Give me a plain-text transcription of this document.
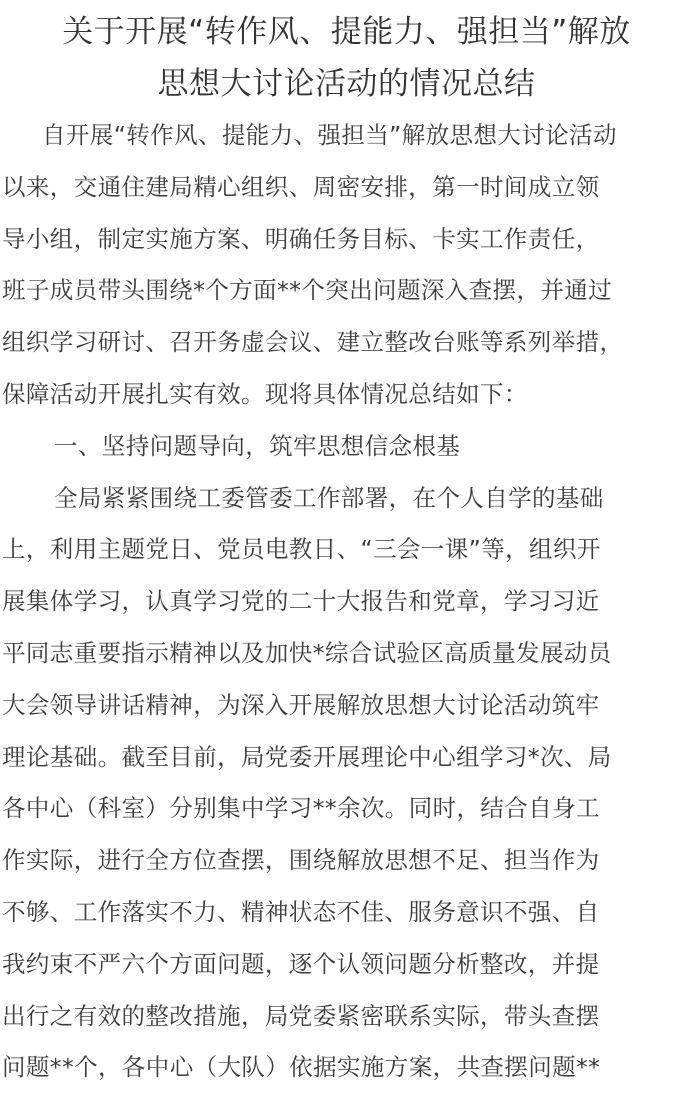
关于开展“转作风、提能力、强担当”解放
思想大讨论活动的情况总结
自开展“转作风、提能力、强担当”解放思想大讨论活动
以来，交通住建局精心组织、周密安排，第一时间成立领
导小组，制定实施方案、明确任务目标、卡实工作责任，
班子成员带头围绕*个方面**个突出问题深入查摆，并通过
组织学习研讨、召开务虚会议、建立整改台账等系列举措，
保障活动开展扎实有效。现将具体情况总结如下：
一、坚持问题导向，筑牢思想信念根基
全局紧紧围绕工委管委工作部署，在个人自学的基础
上，利用主题党日、党员电教日、“三会一课”等，组织开
展集体学习，认真学习党的二十大报告和党章，学习习近
平同志重要指示精神以及加快*综合试验区高质量发展动员
大会领导讲话精神，为深入开展解放思想大讨论活动筑牢
理论基础。截至目前，局党委开展理论中心组学习*次、局
各中心（科室）分别集中学习**余次。同时，结合自身工
作实际，进行全方位查摆，围绕解放思想不足、担当作为
不够、工作落实不力、精神状态不佳、服务意识不强、自
我约束不严六个方面问题，逐个认领问题分析整改，并提
出行之有效的整改措施，局党委紧密联系实际，带头查摆
问题**个，各中心（大队）依据实施方案，共查摆问题**
